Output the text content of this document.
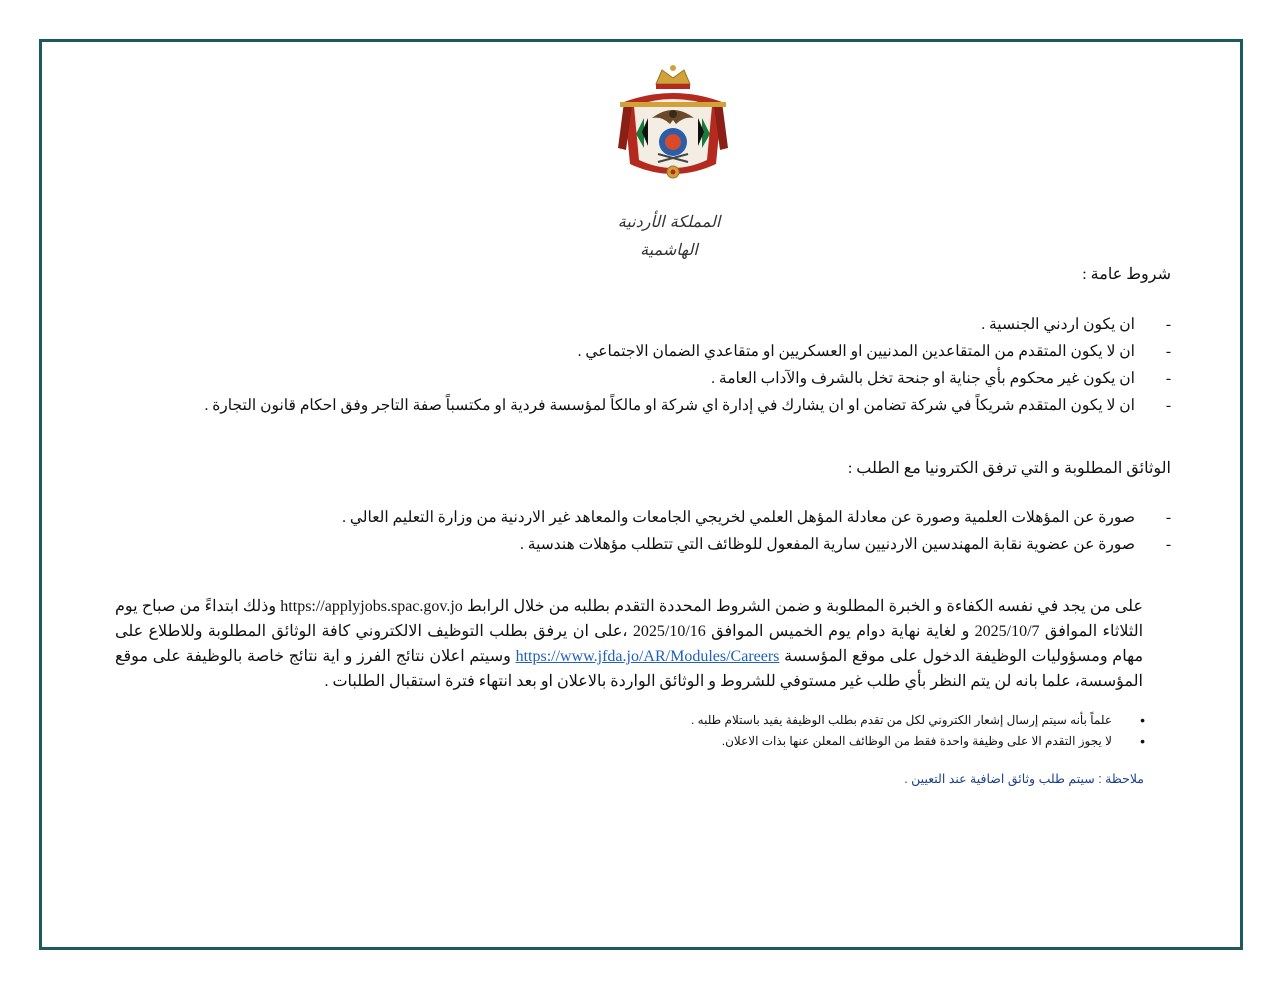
المملكة الأردنية الهاشمية
شروط عامة :
- ان يكون اردني الجنسية .
- ان لا يكون المتقدم من المتقاعدين المدنيين او العسكريين او متقاعدي الضمان الاجتماعي .
- ان يكون غير محكوم بأي جناية او جنحة تخل بالشرف والآداب العامة .
- ان لا يكون المتقدم شريكاً في شركة تضامن او ان يشارك في إدارة اي شركة او مالكاً لمؤسسة فردية او مكتسباً صفة التاجر وفق احكام قانون التجارة .
الوثائق المطلوبة و التي ترفق الكترونيا مع الطلب :
- صورة عن المؤهلات العلمية وصورة عن معادلة المؤهل العلمي لخريجي الجامعات والمعاهد غير الاردنية من وزارة التعليم العالي .
- صورة عن عضوية نقابة المهندسين الاردنيين سارية المفعول للوظائف التي تتطلب مؤهلات هندسية .

على من يجد في نفسه الكفاءة و الخبرة المطلوبة و ضمن الشروط المحددة التقدم بطلبه من خلال الرابط https://applyjobs.spac.gov.jo وذلك ابتداءً من صباح يوم الثلاثاء الموافق 2025/10/7 و لغاية نهاية دوام يوم الخميس الموافق 2025/10/16 ،على ان يرفق بطلب التوظيف الالكتروني كافة الوثائق المطلوبة وللاطلاع على مهام ومسؤوليات الوظيفة الدخول على موقع المؤسسة https://www.jfda.jo/AR/Modules/Careers وسيتم اعلان نتائج الفرز و اية نتائج خاصة بالوظيفة على موقع المؤسسة، علما بانه لن يتم النظر بأي طلب غير مستوفي للشروط و الوثائق الواردة بالاعلان او بعد انتهاء فترة استقبال الطلبات .

• علماً بأنه سيتم إرسال إشعار الكتروني لكل من تقدم بطلب الوظيفة يفيد باستلام طلبه .
• لا يجوز التقدم الا على وظيفة واحدة فقط من الوظائف المعلن عنها بذات الاعلان.
ملاحظة : سيتم طلب وثائق اضافية عند التعيين .
